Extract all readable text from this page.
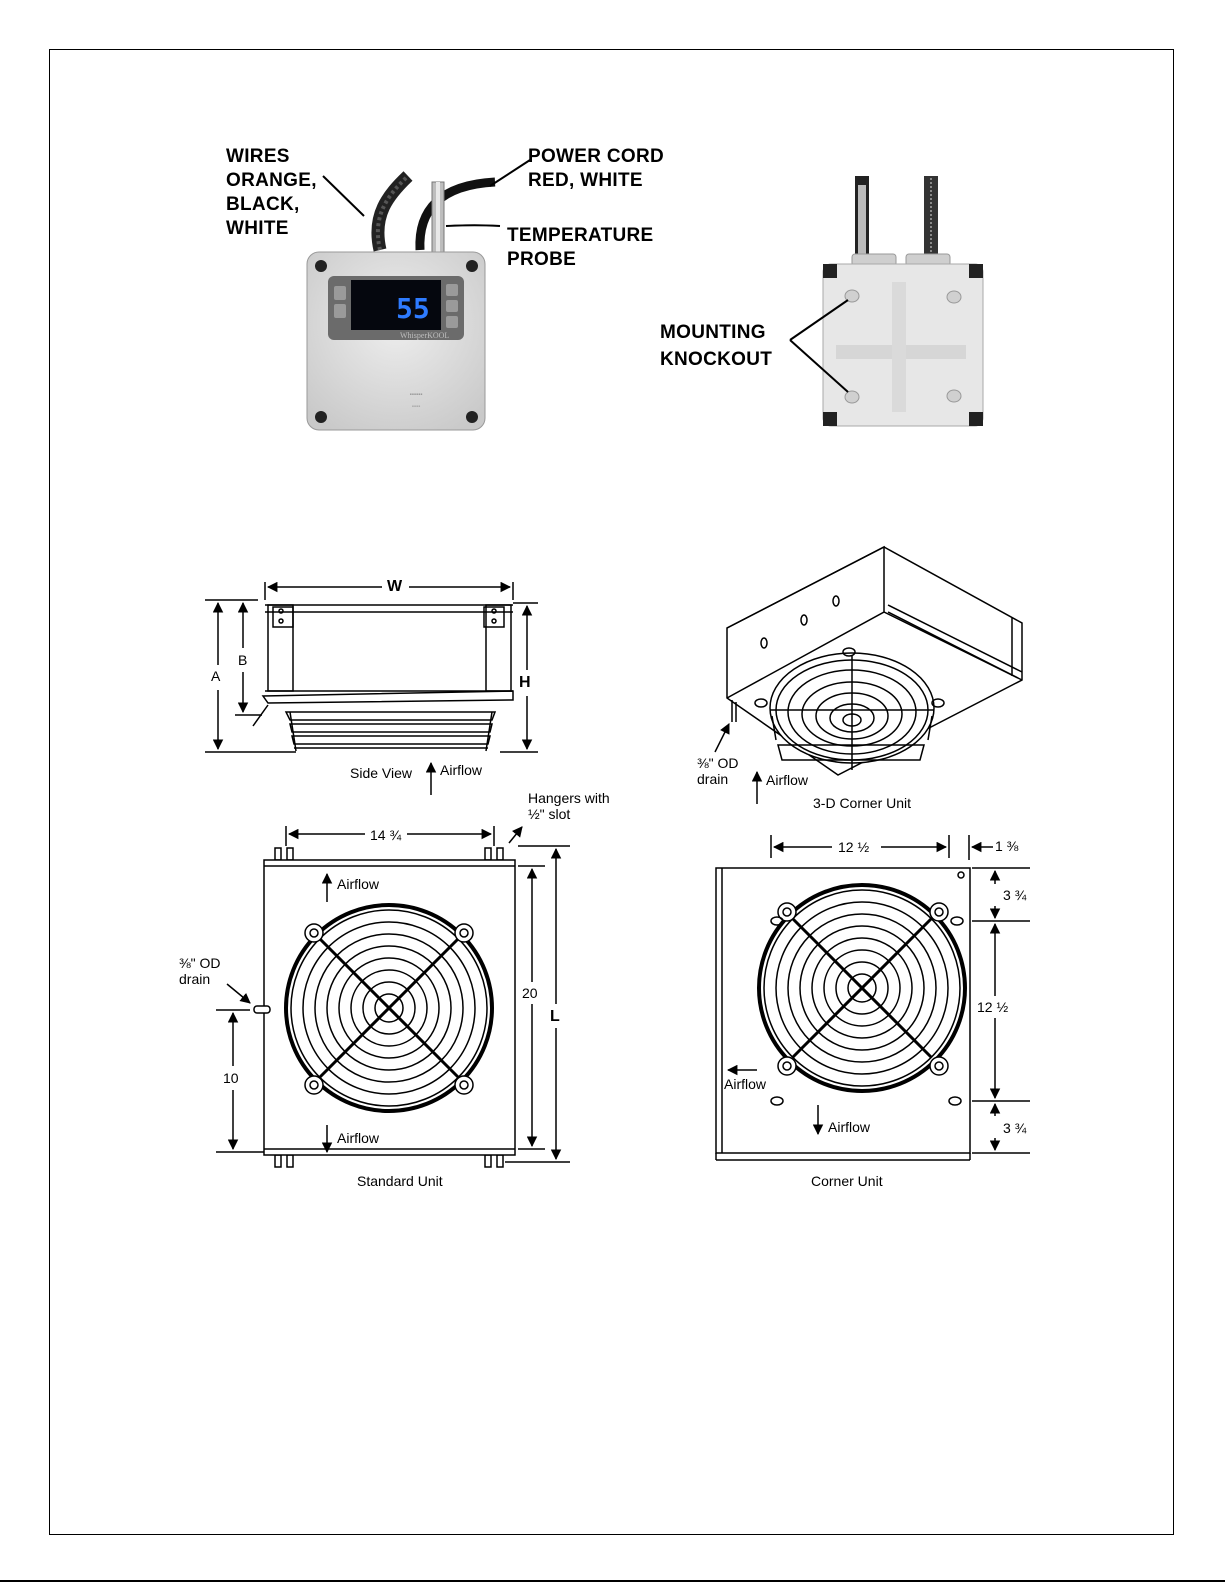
▪▪▪▪▪▪
▪▪▪▪
55
WhisperKOOL
WIRES
ORANGE,
BLACK,
WHITE
POWER CORD
RED, WHITE
TEMPERATURE
PROBE
MOUNTING
KNOCKOUT
W
A
B
H
Side View Airflow	⅜" OD
drain	Airflow
3-D Corner Unit
14 ¾
Hangers with
½" slot
Airflow
Airflow
⅜" OD
drain
10
20
L
Standard Unit
12 ½	1 ⅜
3 ¾
12 ½
3 ¾
Airflow
Airflow
Corner Unit
